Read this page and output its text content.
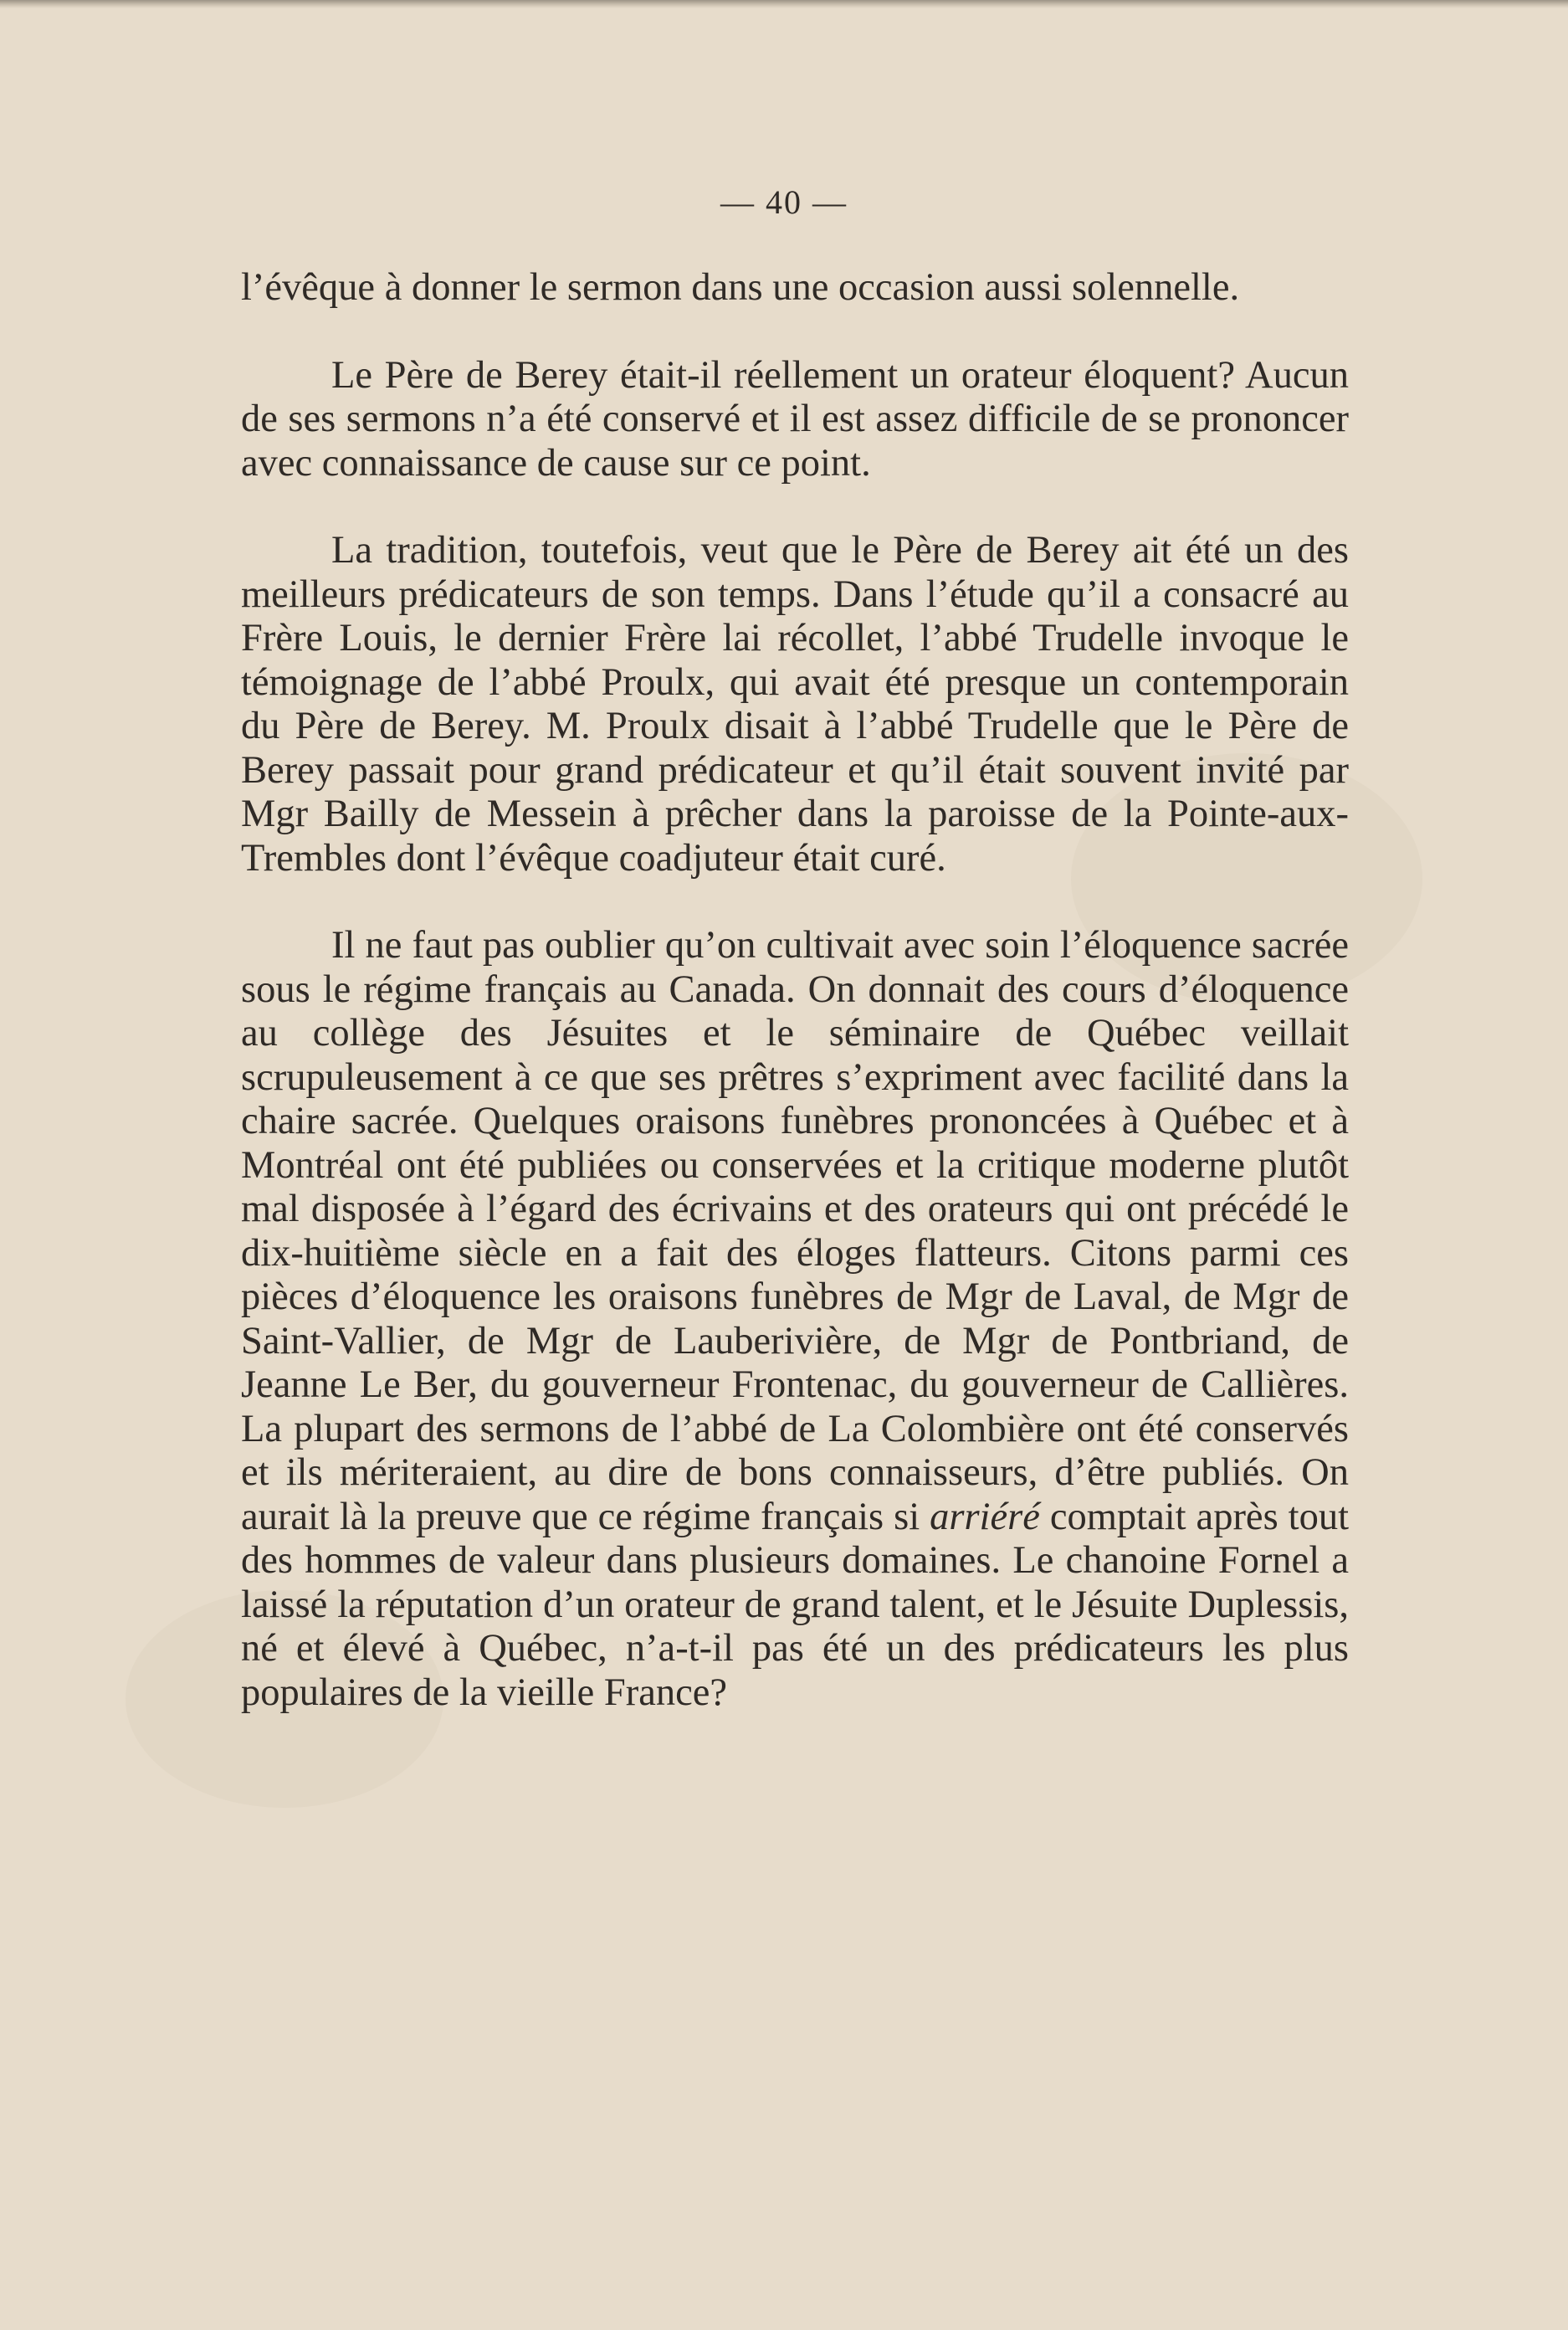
— 40 —

l’évêque à donner le sermon dans une occasion aussi solennelle.

Le Père de Berey était-il réellement un orateur éloquent? Aucun de ses sermons n’a été conservé et il est assez difficile de se prononcer avec connaissance de cause sur ce point.

La tradition, toutefois, veut que le Père de Berey ait été un des meilleurs prédicateurs de son temps. Dans l’étude qu’il a consacré au Frère Louis, le dernier Frère lai récollet, l’abbé Trudelle invoque le témoignage de l’abbé Proulx, qui avait été presque un contemporain du Père de Berey. M. Proulx disait à l’abbé Trudelle que le Père de Berey passait pour grand prédicateur et qu’il était souvent invité par Mgr Bailly de Messein à prêcher dans la paroisse de la Pointe-aux-Trembles dont l’évêque coadjuteur était curé.

Il ne faut pas oublier qu’on cultivait avec soin l’éloquence sacrée sous le régime français au Canada. On donnait des cours d’éloquence au collège des Jésuites et le séminaire de Québec veillait scrupuleusement à ce que ses prêtres s’expriment avec facilité dans la chaire sacrée. Quelques oraisons funèbres prononcées à Québec et à Montréal ont été publiées ou conservées et la critique moderne plutôt mal disposée à l’égard des écrivains et des orateurs qui ont précédé le dix-huitième siècle en a fait des éloges flatteurs. Citons parmi ces pièces d’éloquence les oraisons funèbres de Mgr de Laval, de Mgr de Saint-Vallier, de Mgr de Lauberivière, de Mgr de Pontbriand, de Jeanne Le Ber, du gouverneur Frontenac, du gouverneur de Callières. La plupart des sermons de l’abbé de La Colombière ont été conservés et ils mériteraient, au dire de bons connaisseurs, d’être publiés. On aurait là la preuve que ce régime français si arriéré comptait après tout des hommes de valeur dans plusieurs domaines. Le chanoine Fornel a laissé la réputation d’un orateur de grand talent, et le Jésuite Duplessis, né et élevé à Québec, n’a-t-il pas été un des prédicateurs les plus populaires de la vieille France?
